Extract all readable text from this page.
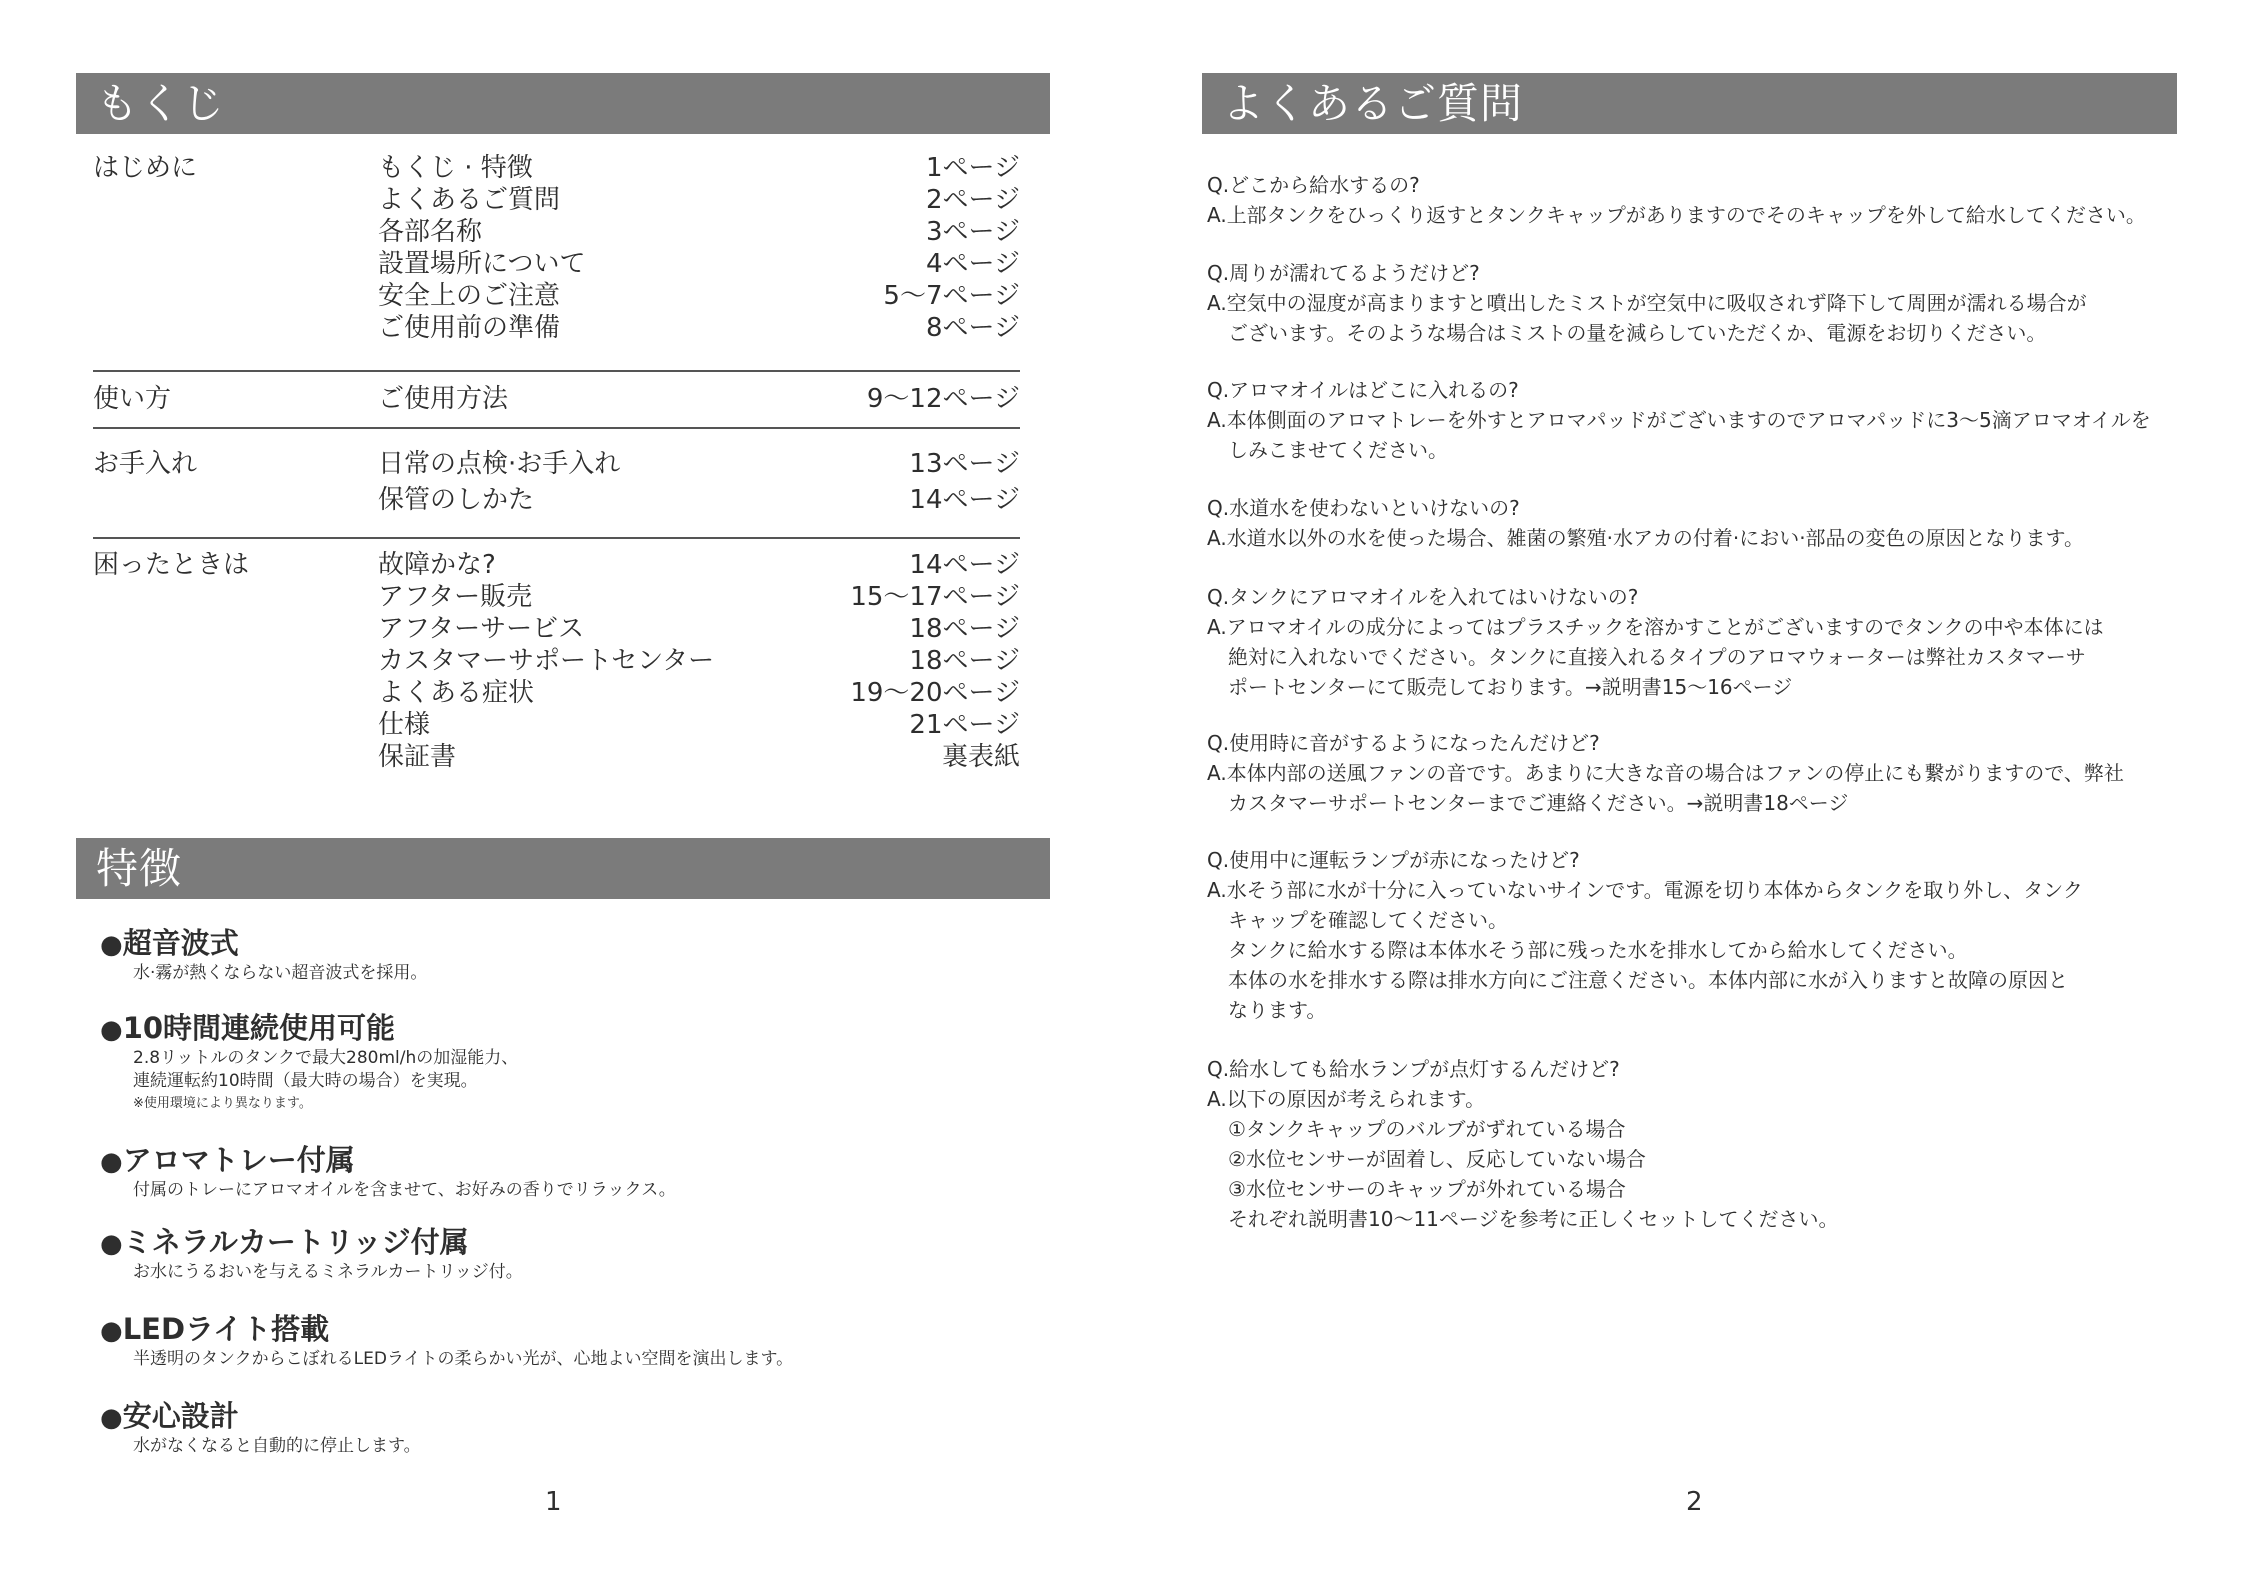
もくじ
はじめに	もくじ · 特徴	1ページ
よくあるご質問	2ページ
各部名称	3ページ
設置場所について	4ページ
安全上のご注意	5～7ページ
ご使用前の準備	8ページ
使い方	ご使用方法	9～12ページ
お手入れ	日常の点検·お手入れ	13ページ
保管のしかた	14ページ
困ったときは	故障かな?	14ページ
アフター販売	15～17ページ
アフターサービス	18ページ
カスタマーサポートセンター	18ページ
よくある症状	19～20ページ
仕様	21ページ
保証書	裏表紙
特徴
●超音波式
水·霧が熱くならない超音波式を採用。
●10時間連続使用可能
2.8リットルのタンクで最大280ml/hの加湿能力、
連続運転約10時間（最大時の場合）を実現。
※使用環境により異なります。
●アロマトレー付属
付属のトレーにアロマオイルを含ませて、お好みの香りでリラックス。
●ミネラルカートリッジ付属
お水にうるおいを与えるミネラルカートリッジ付。
●LEDライト搭載
半透明のタンクからこぼれるLEDライトの柔らかい光が、心地よい空間を演出します。
●安心設計
水がなくなると自動的に停止します。
1
よくあるご質問
Q.どこから給水するの?
A.上部タンクをひっくり返すとタンクキャップがありますのでそのキャップを外して給水してください。
Q.周りが濡れてるようだけど?
A.空気中の湿度が高まりますと噴出したミストが空気中に吸収されず降下して周囲が濡れる場合が
ございます。そのような場合はミストの量を減らしていただくか、電源をお切りください。
Q.アロマオイルはどこに入れるの?
A.本体側面のアロマトレーを外すとアロマパッドがございますのでアロマパッドに3～5滴アロマオイルを
しみこませてください。
Q.水道水を使わないといけないの?
A.水道水以外の水を使った場合、雑菌の繁殖·水アカの付着·におい·部品の変色の原因となります。
Q.タンクにアロマオイルを入れてはいけないの?
A.アロマオイルの成分によってはプラスチックを溶かすことがございますのでタンクの中や本体には
絶対に入れないでください。タンクに直接入れるタイプのアロマウォーターは弊社カスタマーサ
ポートセンターにて販売しております。→説明書15～16ページ
Q.使用時に音がするようになったんだけど?
A.本体内部の送風ファンの音です。あまりに大きな音の場合はファンの停止にも繋がりますので、弊社
カスタマーサポートセンターまでご連絡ください。→説明書18ページ
Q.使用中に運転ランプが赤になったけど?
A.水そう部に水が十分に入っていないサインです。電源を切り本体からタンクを取り外し、タンク
キャップを確認してください。
タンクに給水する際は本体水そう部に残った水を排水してから給水してください。
本体の水を排水する際は排水方向にご注意ください。本体内部に水が入りますと故障の原因と
なります。
Q.給水しても給水ランプが点灯するんだけど?
A.以下の原因が考えられます。
①タンクキャップのバルブがずれている場合
②水位センサーが固着し、反応していない場合
③水位センサーのキャップが外れている場合
それぞれ説明書10～11ページを参考に正しくセットしてください。
2
